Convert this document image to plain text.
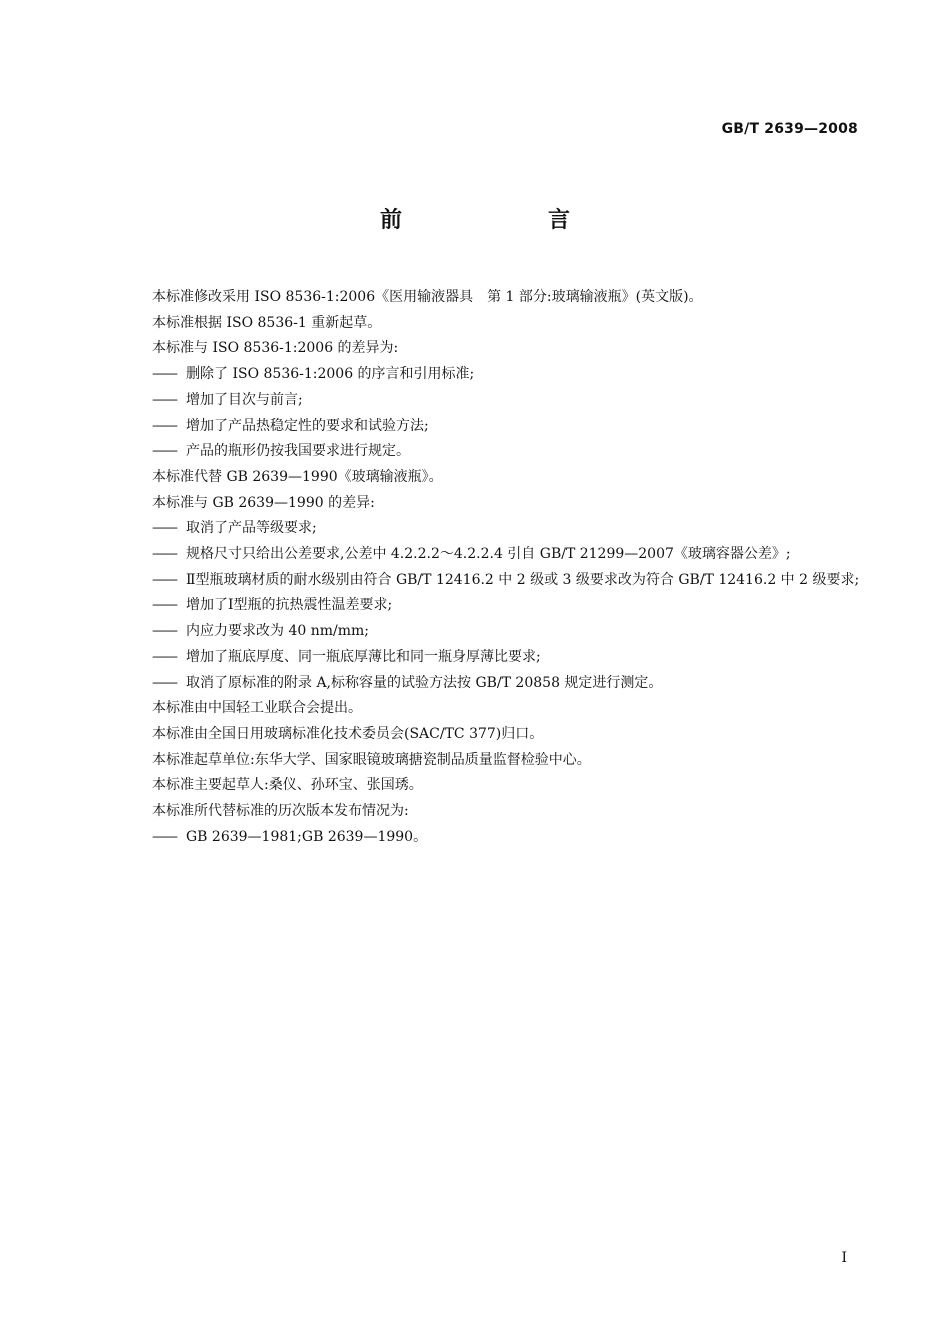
GB/T 2639—2008
前　言
本标准修改采用 ISO 8536-1:2006《医用输液器具　第 1 部分:玻璃输液瓶》(英文版)。
本标准根据 ISO 8536-1 重新起草。
本标准与 ISO 8536-1:2006 的差异为:
—— 删除了 ISO 8536-1:2006 的序言和引用标准;
—— 增加了目次与前言;
—— 增加了产品热稳定性的要求和试验方法;
—— 产品的瓶形仍按我国要求进行规定。
本标准代替 GB 2639—1990《玻璃输液瓶》。
本标准与 GB 2639—1990 的差异:
—— 取消了产品等级要求;
—— 规格尺寸只给出公差要求,公差中 4.2.2.2～4.2.2.4 引自 GB/T 21299—2007《玻璃容器公差》;
—— Ⅱ型瓶玻璃材质的耐水级别由符合 GB/T 12416.2 中 2 级或 3 级要求改为符合 GB/T 12416.2 中 2 级要求;
—— 增加了Ⅰ型瓶的抗热震性温差要求;
—— 内应力要求改为 40 nm/mm;
—— 增加了瓶底厚度、同一瓶底厚薄比和同一瓶身厚薄比要求;
—— 取消了原标准的附录 A,标称容量的试验方法按 GB/T 20858 规定进行测定。
本标准由中国轻工业联合会提出。
本标准由全国日用玻璃标准化技术委员会(SAC/TC 377)归口。
本标准起草单位:东华大学、国家眼镜玻璃搪瓷制品质量监督检验中心。
本标准主要起草人:桑仪、孙环宝、张国琇。
本标准所代替标准的历次版本发布情况为:
—— GB 2639—1981;GB 2639—1990。
I
